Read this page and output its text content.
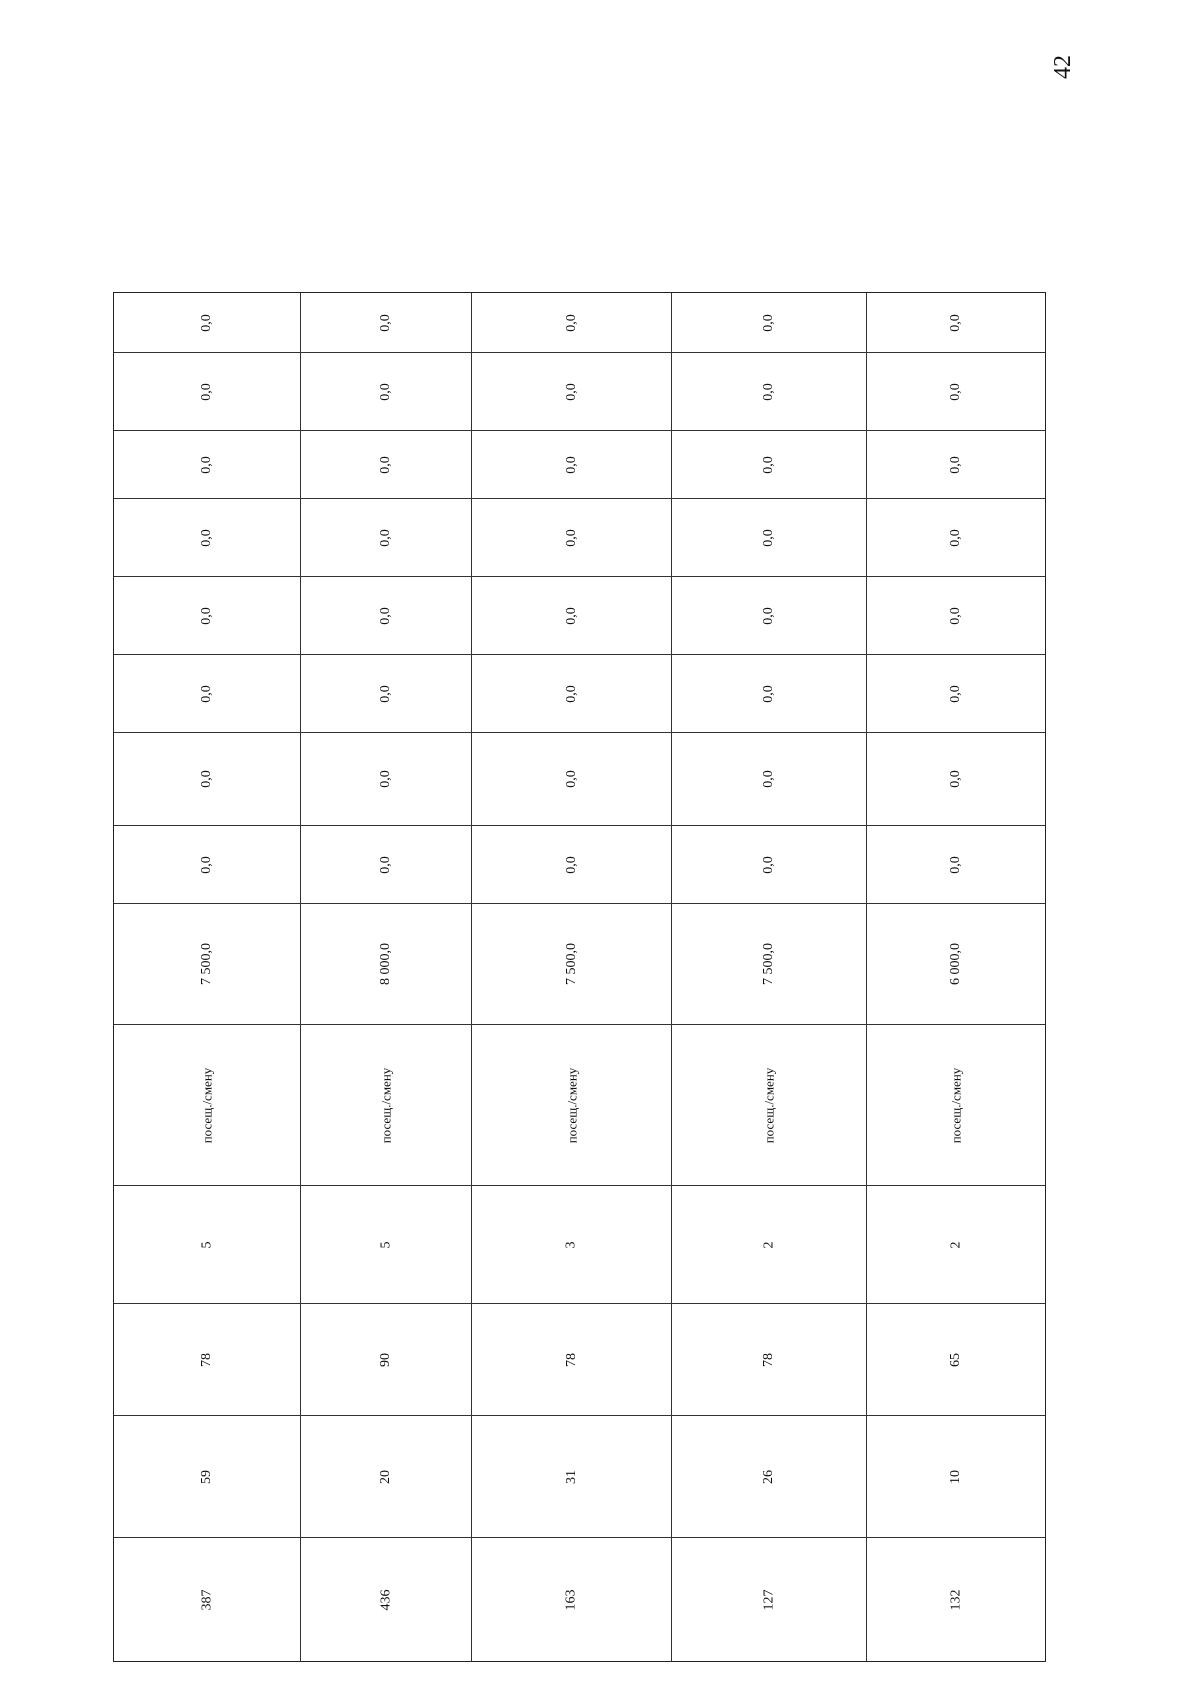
42
0,0
0,0
0,0
0,0
0,0
0,0
0,0
0,0
7 500,0
посещ./смену
5
78
59
387
0,0
0,0
0,0
0,0
0,0
0,0
0,0
0,0
8 000,0
посещ./смену
5
90
20
436
0,0
0,0
0,0
0,0
0,0
0,0
0,0
0,0
7 500,0
посещ./смену
3
78
31
163
0,0
0,0
0,0
0,0
0,0
0,0
0,0
0,0
7 500,0
посещ./смену
2
78
26
127
0,0
0,0
0,0
0,0
0,0
0,0
0,0
0,0
6 000,0
посещ./смену
2
65
10
132
